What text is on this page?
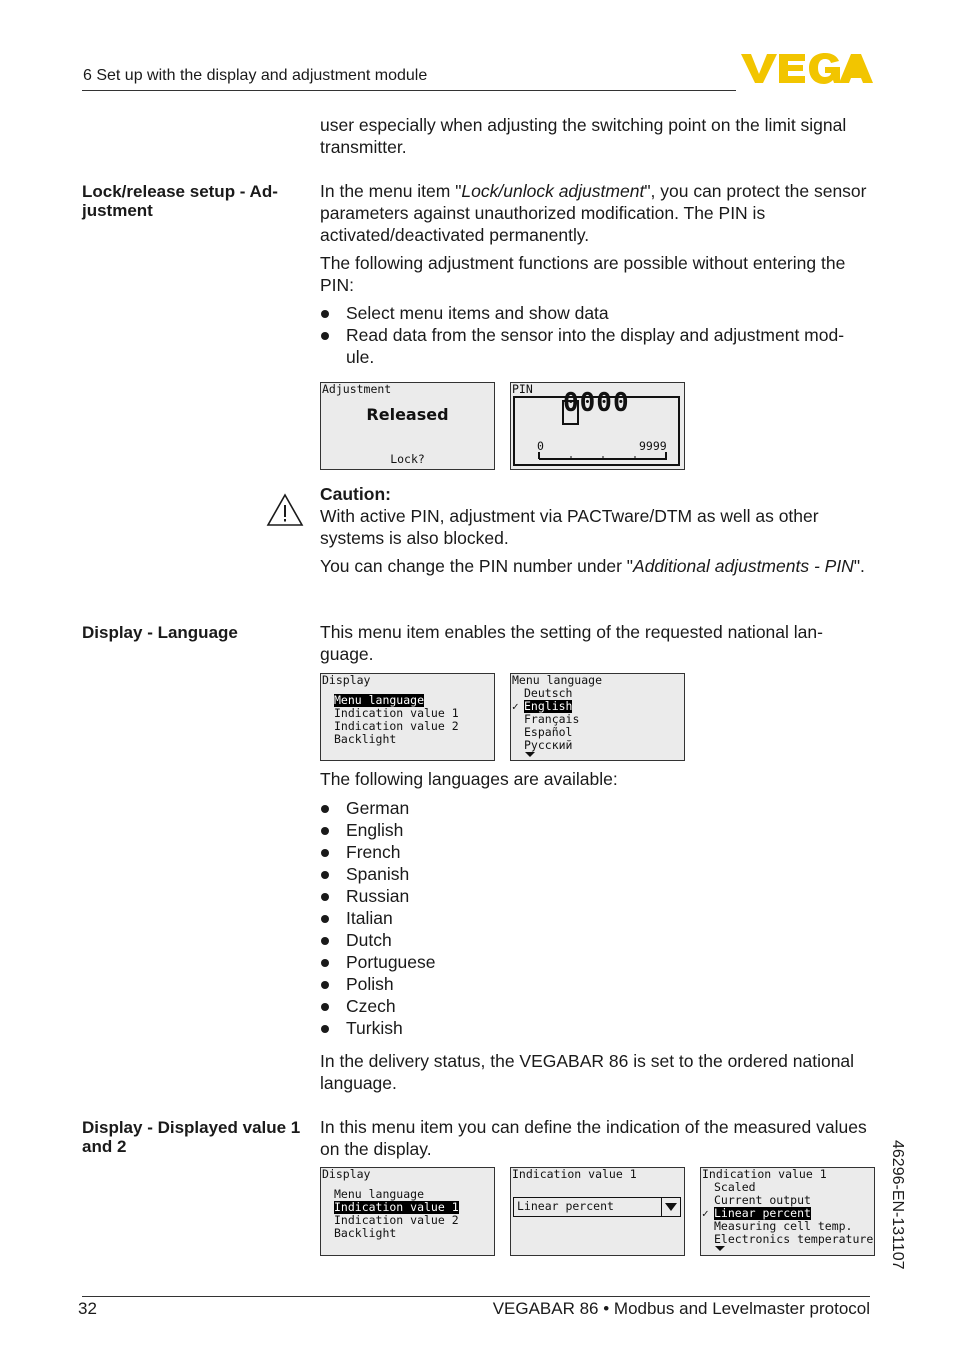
6 Set up with the display and adjustment module
user especially when adjusting the switching point on the limit signal transmitter.
Lock/release setup - Ad-justment
In the menu item "Lock/unlock adjustment", you can protect the sensor parameters against unauthorized modification. The PIN is activated/deactivated permanently.
The following adjustment functions are possible without entering the PIN:
Select menu items and show data
Read data from the sensor into the display and adjustment mod-ule.
Adjustment
Released
Lock?
PIN 0000
0	9999
Caution:
With active PIN, adjustment via PACTware/DTM as well as other systems is also blocked.
You can change the PIN number under "Additional adjustments - PIN".
Display - Language	This menu item enables the setting of the requested national lan-guage.
Display
Menu language
Indication value 1
Indication value 2
Backlight
Menu language
Deutsch
✓ English
Français
Español
Русский
The following languages are available:
German
English
French
Spanish
Russian
Italian
Dutch
Portuguese
Polish
Czech
Turkish
In the delivery status, the VEGABAR 86 is set to the ordered national language.
Display - Displayed value 1 and 2
In this menu item you can define the indication of the measured values on the display.
Display
Menu language
Indication value 1
Indication value 2
Backlight
Indication value 1
Linear percent
Indication value 1
Scaled
Current output
✓ Linear percent
Measuring cell temp.
Electronics temperature 46296-EN-131107
32	VEGABAR 86 • Modbus and Levelmaster protocol
